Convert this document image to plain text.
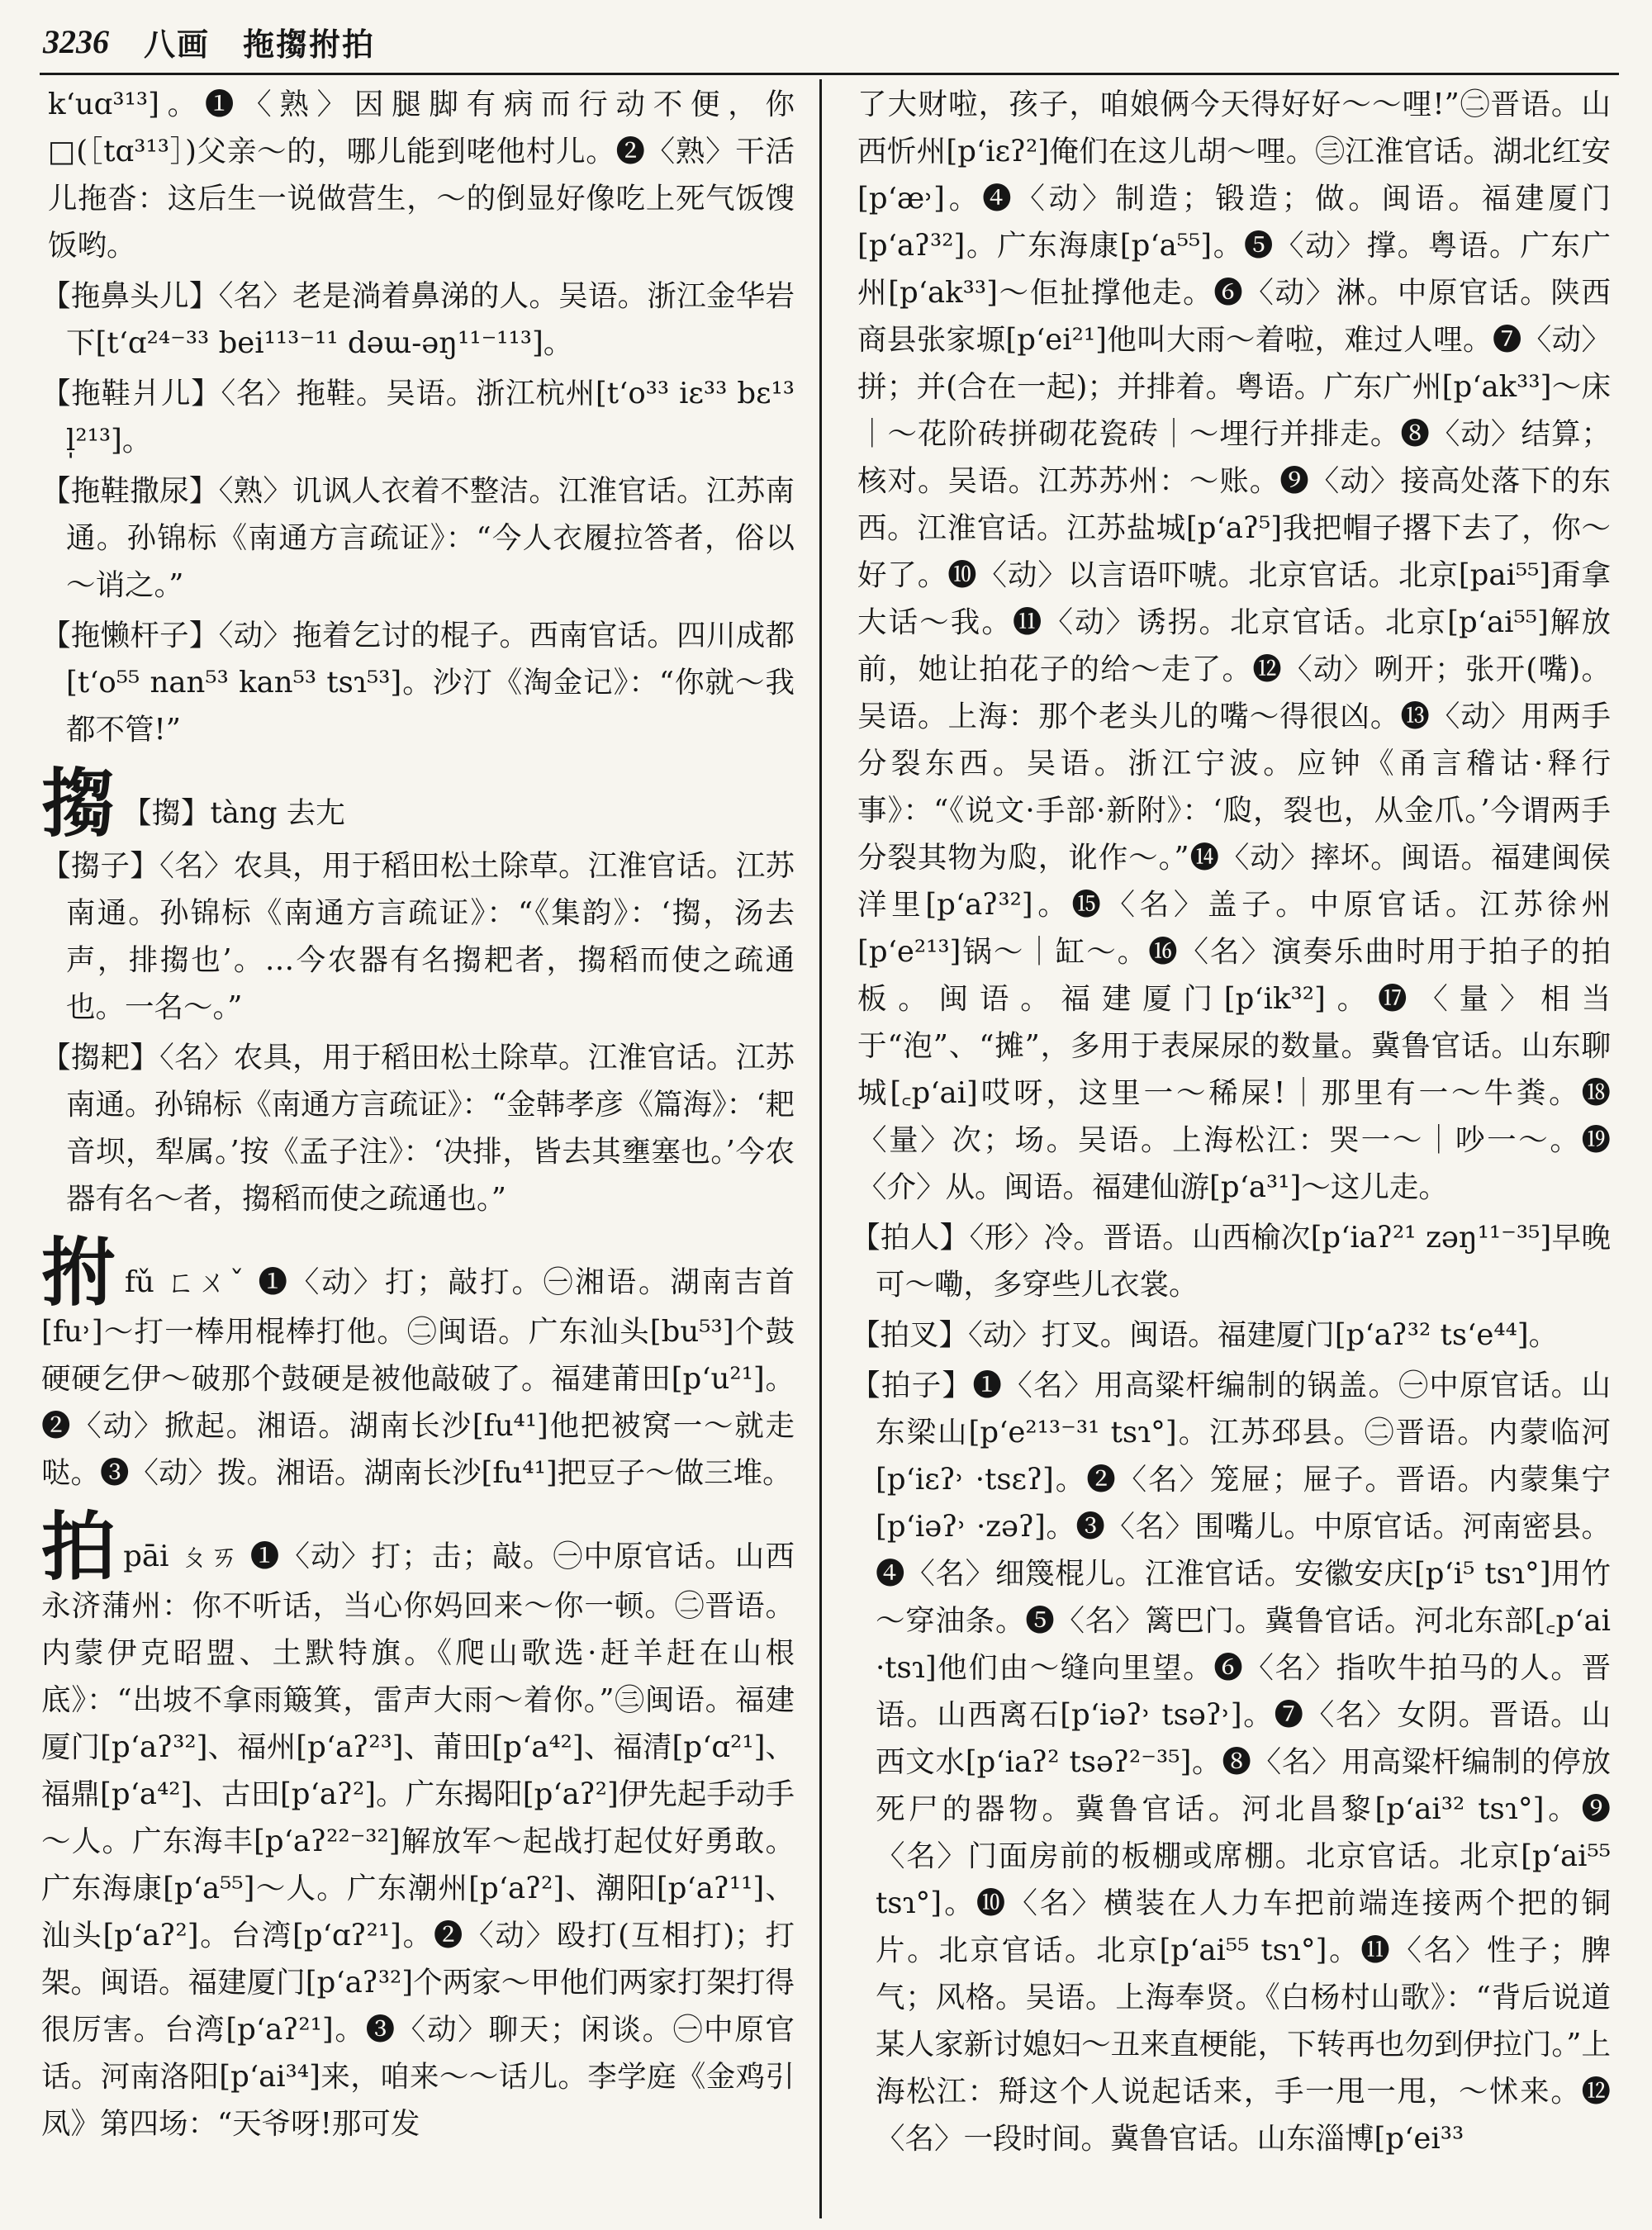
3236 八画　拖搊拊拍

k‘uɑ³¹³]。❶〈熟〉因腿脚有病而行动不便，你□(［tɑ³¹³］)父亲～的，哪儿能到咾他村儿。❷〈熟〉干活儿拖沓：这后生一说做营生，～的倒显好像吃上死气饭馊饭哟。

【拖鼻头儿】〈名〉老是淌着鼻涕的人。吴语。浙江金华岩下[t‘ɑ²⁴⁻³³ bei¹¹³⁻¹¹ dəɯ-əŋ¹¹⁻¹¹³]。

【拖鞋爿儿】〈名〉拖鞋。吴语。浙江杭州[t‘o³³ iɛ³³ bɛ¹³ l̩²¹³]。

【拖鞋撒尿】〈熟〉讥讽人衣着不整洁。江淮官话。江苏南通。孙锦标《南通方言疏证》：“今人衣履拉答者，俗以～诮之。”

【拖懒杆子】〈动〉拖着乞讨的棍子。西南官话。四川成都[t‘o⁵⁵ nan⁵³ kan⁵³ tsɿ⁵³]。沙汀《淘金记》：“你就～我都不管!”

搊 【搊】tàng 去尢

【搊子】〈名〉农具，用于稻田松土除草。江淮官话。江苏南通。孙锦标《南通方言疏证》：“《集韵》：‘搊，汤去声，排搊也’。…今农器有名搊耙者，搊稻而使之疏通也。一名～。”

【搊耙】〈名〉农具，用于稻田松土除草。江淮官话。江苏南通。孙锦标《南通方言疏证》：“金韩孝彦《篇海》：‘耙音坝，犁属。’按《孟子注》：‘决排，皆去其壅塞也。’今农器有名～者，搊稻而使之疏通也。”

拊fǔ ㄈㄨˇ ❶〈动〉打；敲打。㊀湘语。湖南吉首[fu˒]～打一棒用棍棒打他。㊁闽语。广东汕头[bu⁵³]个鼓硬硬乞伊～破那个鼓硬是被他敲破了。福建莆田[p‘u²¹]。❷〈动〉掀起。湘语。湖南长沙[fu⁴¹]他把被窝一～就走哒。❸〈动〉拨。湘语。湖南长沙[fu⁴¹]把豆子～做三堆。

拍pāi ㄆㄞ ❶〈动〉打；击；敲。㊀中原官话。山西永济蒲州：你不听话，当心你妈回来～你一顿。㊁晋语。内蒙伊克昭盟、土默特旗。《爬山歌选·赶羊赶在山根底》：“出坡不拿雨簸箕，雷声大雨～着你。”㊂闽语。福建厦门[p‘aʔ³²]、福州[p‘aʔ²³]、莆田[p‘a⁴²]、福清[p‘ɑ²¹]、福鼎[p‘a⁴²]、古田[p‘aʔ²]。广东揭阳[p‘aʔ²]伊先起手动手～人。广东海丰[p‘aʔ²²⁻³²]解放军～起战打起仗好勇敢。广东海康[p‘a⁵⁵]～人。广东潮州[p‘aʔ²]、潮阳[p‘aʔ¹¹]、汕头[p‘aʔ²]。台湾[p‘ɑʔ²¹]。❷〈动〉殴打(互相打)；打架。闽语。福建厦门[p‘aʔ³²]个两家～甲他们两家打架打得很厉害。台湾[p‘aʔ²¹]。❸〈动〉聊天；闲谈。㊀中原官话。河南洛阳[p‘ai³⁴]来，咱来～～话儿。李学庭《金鸡引凤》第四场：“天爷呀!那可发

了大财啦，孩子，咱娘俩今天得好好～～哩!”㊁晋语。山西忻州[p‘iɛʔ²]俺们在这儿胡～哩。㊂江淮官话。湖北红安[p‘æ˒]。❹〈动〉制造；锻造；做。闽语。福建厦门[p‘aʔ³²]。广东海康[p‘a⁵⁵]。❺〈动〉撑。粤语。广东广州[p‘ak³³]～佢扯撑他走。❻〈动〉淋。中原官话。陕西商县张家塬[p‘ei²¹]他叫大雨～着啦，难过人哩。❼〈动〉拼；并(合在一起)；并排着。粤语。广东广州[p‘ak³³]～床｜～花阶砖拼砌花瓷砖｜～埋行并排走。❽〈动〉结算；核对。吴语。江苏苏州：～账。❾〈动〉接高处落下的东西。江淮官话。江苏盐城[p‘aʔ⁵]我把帽子撂下去了，你～好了。❿〈动〉以言语吓唬。北京官话。北京[pai⁵⁵]甭拿大话～我。⓫〈动〉诱拐。北京官话。北京[p‘ai⁵⁵]解放前，她让拍花子的给～走了。⓬〈动〉咧开；张开(嘴)。吴语。上海：那个老头儿的嘴～得很凶。⓭〈动〉用两手分裂东西。吴语。浙江宁波。应钟《甬言稽诂·释行事》：“《说文·手部·新附》：‘瓝，裂也，从金爪。’今谓两手分裂其物为瓝，讹作～。”⓮〈动〉摔坏。闽语。福建闽侯洋里[p‘aʔ³²]。⓯〈名〉盖子。中原官话。江苏徐州[p‘e²¹³]锅～｜缸～。⓰〈名〉演奏乐曲时用于拍子的拍板。闽语。福建厦门[p‘ik³²]。⓱〈量〉相当于“泡”、“摊”，多用于表屎尿的数量。冀鲁官话。山东聊城[꜀p‘ai]哎呀，这里一～稀屎!｜那里有一～牛粪。⓲〈量〉次；场。吴语。上海松江：哭一～｜吵一～。⓳〈介〉从。闽语。福建仙游[p‘a³¹]～这儿走。

【拍人】〈形〉冷。晋语。山西榆次[p‘iaʔ²¹ zəŋ¹¹⁻³⁵]早晚可～嘞，多穿些儿衣裳。

【拍叉】〈动〉打叉。闽语。福建厦门[p‘aʔ³² ts‘e⁴⁴]。

【拍子】❶〈名〉用高粱杆编制的锅盖。㊀中原官话。山东梁山[p‘e²¹³⁻³¹ tsɿ°]。江苏邳县。㊁晋语。内蒙临河[p‘iɛʔ˒ ·tsɛʔ]。❷〈名〉笼屉；屉子。晋语。内蒙集宁[p‘iəʔ˒ ·zəʔ]。❸〈名〉围嘴儿。中原官话。河南密县。❹〈名〉细篾棍儿。江淮官话。安徽安庆[p‘i⁵ tsɿ°]用竹～穿油条。❺〈名〉篱巴门。冀鲁官话。河北东部[꜀p‘ai ·tsɿ]他们由～缝向里望。❻〈名〉指吹牛拍马的人。晋语。山西离石[p‘iəʔ˒ tsəʔ˒]。❼〈名〉女阴。晋语。山西文水[p‘iaʔ² tsəʔ²⁻³⁵]。❽〈名〉用高粱杆编制的停放死尸的器物。冀鲁官话。河北昌黎[p‘ai³² tsɿ°]。❾〈名〉门面房前的板棚或席棚。北京官话。北京[p‘ai⁵⁵ tsɿ°]。❿〈名〉横装在人力车把前端连接两个把的铜片。北京官话。北京[p‘ai⁵⁵ tsɿ°]。⓫〈名〉性子；脾气；风格。吴语。上海奉贤。《白杨村山歌》：“背后说道某人家新讨媳妇～丑来直梗能，下转再也勿到伊拉门。”上海松江：搿这个人说起话来，手一甩一甩，～怵来。⓬〈名〉一段时间。冀鲁官话。山东淄博[p‘ei³³
